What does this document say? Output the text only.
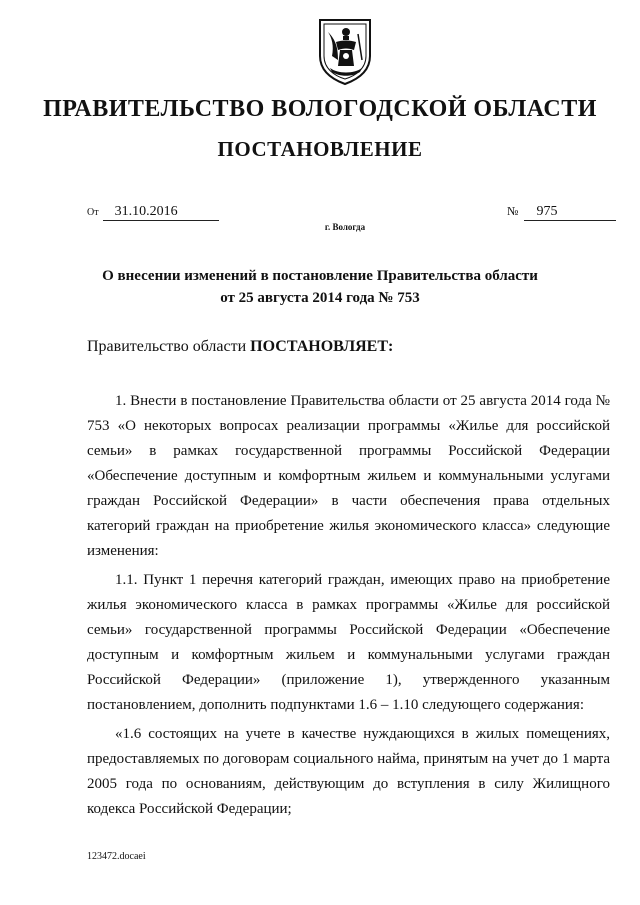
ПРАВИТЕЛЬСТВО ВОЛОГОДСКОЙ ОБЛАСТИ
ПОСТАНОВЛЕНИЕ
От 31.10.2016	№ 975
г. Вологда
О внесении изменений в постановление Правительства области
от 25 августа 2014 года № 753
Правительство области ПОСТАНОВЛЯЕТ:

1. Внести в постановление Правительства области от 25 августа 2014 года № 753 «О некоторых вопросах реализации программы «Жилье для российской семьи» в рамках государственной программы Российской Федерации «Обеспечение доступным и комфортным жильем и коммунальными услугами граждан Российской Федерации» в части обеспечения права отдельных категорий граждан на приобретение жилья экономического класса» следующие изменения:

1.1. Пункт 1 перечня категорий граждан, имеющих право на приобретение жилья экономического класса в рамках программы «Жилье для российской семьи» государственной программы Российской Федерации «Обеспечение доступным и комфортным жильем и коммунальными услугами граждан Российской Федерации» (приложение 1), утвержденного указанным постановлением, дополнить подпунктами 1.6 – 1.10 следующего содержания:

«1.6 состоящих на учете в качестве нуждающихся в жилых помещениях, предоставляемых по договорам социального найма, принятым на учет до 1 марта 2005 года по основаниям, действующим до вступления в силу Жилищного кодекса Российской Федерации;

123472.docaei
